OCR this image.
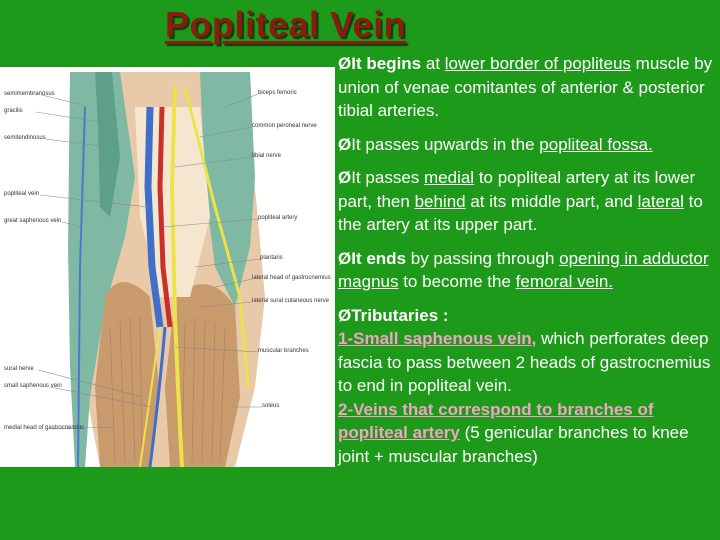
Popliteal Vein
semimembranosus
gracilis
semitendinosus
popliteal vein
great saphenous vein
sural nerve
small saphenous vein
medial head of gastrocnemius
biceps femoris
common peroneal nerve
tibial nerve
popliteal artery
plantaris
lateral head of gastrocnemius
lateral sural cutaneous nerve
muscular branches
soleus
ØIt begins at lower border of popliteus muscle by union of venae comitantes of anterior & posterior tibial arteries.
ØIt passes upwards in the popliteal fossa.
ØIt passes medial to popliteal artery at its lower part, then behind at its middle part, and lateral to the artery at its upper part.
ØIt ends by passing through opening in adductor magnus to become the femoral vein.
ØTributaries :
1-Small saphenous vein, which perforates deep fascia to pass between 2 heads of gastrocnemius to end in popliteal vein.
2-Veins that correspond to branches of popliteal artery (5 genicular branches to knee joint + muscular branches)
